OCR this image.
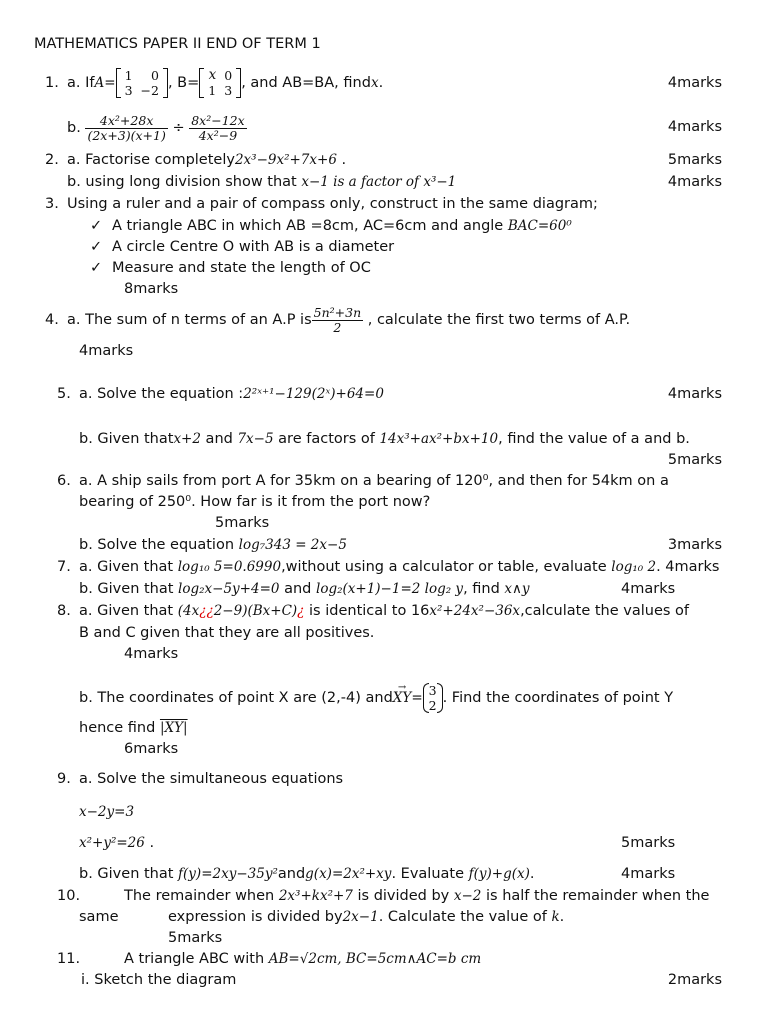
MATHEMATICS PAPER II END OF TERM 1
1. a. IfA= 1	0
3	−2 , B= x	0
1	3 , and AB=BA, findx.	4marks
b. $\frac{\text{4x²+28x}}{(2x+3)(x+1)} \div \frac{\text{8x²−12x}}{\text{4x²−9}}$	4marks
2. a. Factorise completely2x³−9x²+7x+6 .	5marks
b. using long division show that x−1 is a factor of x³−1	4marks
3. Using a ruler and a pair of compass only, construct in the same diagram;
✓ A triangle ABC in which AB =8cm, AC=6cm and angle BAC=60⁰
✓ A circle Centre O with AB is a diameter
✓ Measure and state the length of OC
8marks
4. a. The sum of n terms of an A.P is $\frac{\text{5n²+3n}}{2}$ , calculate the first two terms of A.P.
4marks
5. a. Solve the equation :2²ˣ⁺¹−129(2ˣ)+64=0	4marks
b. Given thatx+2 and 7x−5 are factors of 14x³+ax²+bx+10, find the value of a and b.
5marks
6. a. A ship sails from port A for 35km on a bearing of 120⁰, and then for 54km on a
bearing of 250⁰. How far is it from the port now?
5marks
b. Solve the equation log₇343 = 2x−5	3marks
7. a. Given that log₁₀ 5=0.6990,without using a calculator or table, evaluate log₁₀ 2. 4marks
b. Given that log₂x−5y+4=0 and log₂(x+1)−1=2 log₂ y, find x∧y	4marks
8. a. Given that (4x¿¿2−9)(Bx+C)¿ is identical to 16x²+24x²−36x,calculate the values of
B and C given that they are all positives.
4marks
b. The coordinates of point X are (2,-4) and
→
XY= 3
2 . Find the coordinates of point Y
hence find |XY|
6marks
9. a. Solve the simultaneous equations
x−2y=3
x²+y²=26 .	5marks
b. Given that f(y)=2xy−35y²andg(x)=2x²+xy. Evaluate f(y)+g(x).	4marks
10.	The remainder when 2x³+kx²+7 is divided by x−2 is half the remainder when the
same	expression is divided by2x−1. Calculate the value of k.
5marks
11.	A triangle ABC with AB=√2cm, BC=5cm∧AC=b cm
i. Sketch the diagram	2marks
